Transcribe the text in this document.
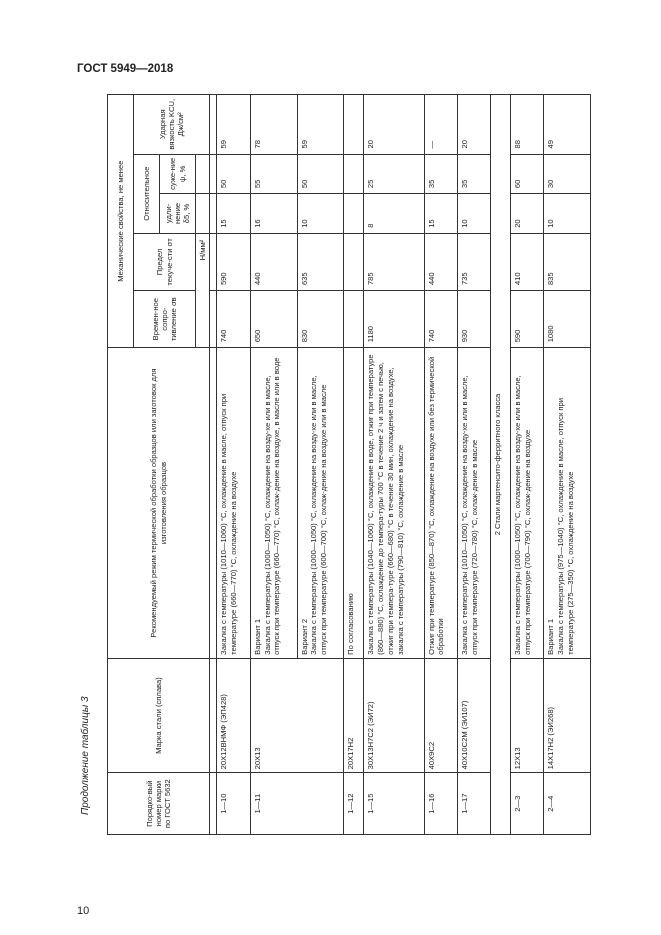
ГОСТ 5949—2018
Продолжение таблицы 3
10
Порядко-вый номер марки по ГОСТ 5632	Марка стали (сплава)	Рекомендуемый режим термической обработки образцов или заготовок для изготовления образцов	Механические свойства, не менее				
			Времен-ное сопро-тивление σв	Предел текуче-сти σт	Относительное		Ударная вязкость KCU, Дж/см²
					удли-нение δ5, %	суже-ние ψ, %	
			Н/мм²				

1—10	20Х12ВНМФ (ЭП428)	Закалка с температуры (1010—1060) °С, охлаждение в масле, отпуск при температуре (660—770) °С, охлаждение на воздухе	740	590	15	50	59
1—11	20Х13	Вариант 1
Закалка с температуры (1000—1050) °С, охлаждение на возду-хе или в масле, отпуск при температуре (660—770) °С, охлаж-дение на воздухе, в масле или в воде	650	440	16	55	78
		Вариант 2
Закалка с температуры (1000—1050) °С, охлаждение на возду-хе или в масле, отпуск при температуре (600—700) °С, охлаж-дение на воздухе или в масле	830	635	10	50	59
1—12	20Х17Н2	По согласованию					
1—15	30Х13Н7С2 (ЭИ72)	Закалка с температуры (1040—1060) °С, охлаждение в воде, отжиг при температуре (860—880) °С, охлаждение до темпера-туры 700 °С в течение 2 ч и затем с печью, отжиг при темпера-туре (660—680) °С в течение 30 мин, охлаждение на воздухе, закалка с температуры (790—810) °С, охлаждение в масле	1180	785	8	25	20
1—16	40Х9С2	Отжиг при температуре (850—870) °С, охлаждение на воздухе или без термической обработки	740	440	15	35	—
1—17	40Х10С2М (ЭИ107)	Закалка с температуры (1010—1050) °С, охлаждение на возду-хе или в масле, отпуск при температуре (720—780) °С, охлаж-дение в масле	930	735	10	35	20
2 Стали мартенсито-ферритного класса							
2—3	12Х13	Закалка с температуры (1000—1050) °С, охлаждение на возду-хе или в масле, отпуск при температуре (700—790) °С, охлаж-дение на воздухе	590	410	20	60	88
2—4	14Х17Н2 (ЭИ268)	Вариант 1
Закалка с температуры (975—1040) °С, охлаждение в масле, отпуск при температуре (275—350) °С, охлаждение на воздухе	1080	835	10	30	49
